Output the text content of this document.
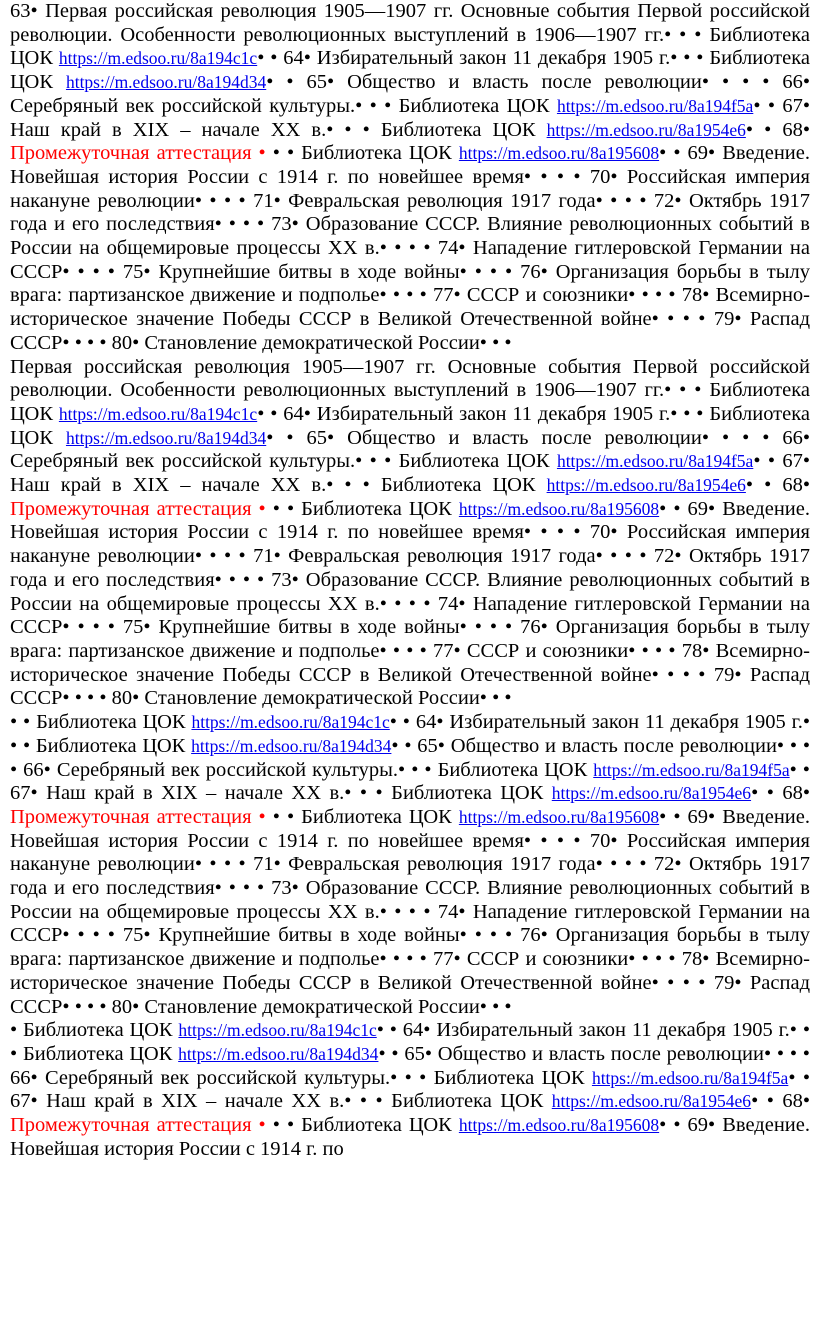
63• Первая российская революция 1905—1907 гг. Основные события Первой российской революции. Особенности революционных выступлений в 1906—1907 гг.• • • Библиотека ЦОК https://m.edsoo.ru/8a194c1c• • 64• Избирательный закон 11 декабря 1905 г.• • • Библиотека ЦОК https://m.edsoo.ru/8a194d34• • 65• Общество и власть после революции• • • • 66• Серебряный век российской культуры.• • • Библиотека ЦОК https://m.edsoo.ru/8a194f5a• • 67• Наш край в XIX – начале XX в.• • • Библиотека ЦОК https://m.edsoo.ru/8a1954e6• • 68• Промежуточная аттестация • • • Библиотека ЦОК https://m.edsoo.ru/8a195608• • 69• Введение. Новейшая история России с 1914 г. по новейшее время• • • • 70• Российская империя накануне революции• • • • 71• Февральская революция 1917 года• • • • 72• Октябрь 1917 года и его последствия• • • • 73• Образование СССР. Влияние революционных событий в России на общемировые процессы XX в.• • • • 74• Нападение гитлеровской Германии на СССР• • • • 75• Крупнейшие битвы в ходе войны• • • • 76• Организация борьбы в тылу врага: партизанское движение и подполье• • • • 77• СССР и союзники• • • • 78• Всемирно-историческое значение Победы СССР в Великой Отечественной войне• • • • 79• Распад СССР• • • • 80• Становление демократической России• • •

Первая российская революция 1905—1907 гг. Основные события Первой российской революции. Особенности революционных выступлений в 1906—1907 гг.• • • Библиотека ЦОК https://m.edsoo.ru/8a194c1c• • 64• Избирательный закон 11 декабря 1905 г.• • • Библиотека ЦОК https://m.edsoo.ru/8a194d34• • 65• Общество и власть после революции• • • • 66• Серебряный век российской культуры.• • • Библиотека ЦОК https://m.edsoo.ru/8a194f5a• • 67• Наш край в XIX – начале XX в.• • • Библиотека ЦОК https://m.edsoo.ru/8a1954e6• • 68• Промежуточная аттестация • • • Библиотека ЦОК https://m.edsoo.ru/8a195608• • 69• Введение. Новейшая история России с 1914 г. по новейшее время• • • • 70• Российская империя накануне революции• • • • 71• Февральская революция 1917 года• • • • 72• Октябрь 1917 года и его последствия• • • • 73• Образование СССР. Влияние революционных событий в России на общемировые процессы XX в.• • • • 74• Нападение гитлеровской Германии на СССР• • • • 75• Крупнейшие битвы в ходе войны• • • • 76• Организация борьбы в тылу врага: партизанское движение и подполье• • • • 77• СССР и союзники• • • • 78• Всемирно-историческое значение Победы СССР в Великой Отечественной войне• • • • 79• Распад СССР• • • • 80• Становление демократической России• • •

• • Библиотека ЦОК https://m.edsoo.ru/8a194c1c• • 64• Избирательный закон 11 декабря 1905 г.• • • Библиотека ЦОК https://m.edsoo.ru/8a194d34• • 65• Общество и власть после революции• • • • 66• Серебряный век российской культуры.• • • Библиотека ЦОК https://m.edsoo.ru/8a194f5a• • 67• Наш край в XIX – начале XX в.• • • Библиотека ЦОК https://m.edsoo.ru/8a1954e6• • 68• Промежуточная аттестация • • • Библиотека ЦОК https://m.edsoo.ru/8a195608• • 69• Введение. Новейшая история России с 1914 г. по новейшее время• • • • 70• Российская империя накануне революции• • • • 71• Февральская революция 1917 года• • • • 72• Октябрь 1917 года и его последствия• • • • 73• Образование СССР. Влияние революционных событий в России на общемировые процессы XX в.• • • • 74• Нападение гитлеровской Германии на СССР• • • • 75• Крупнейшие битвы в ходе войны• • • • 76• Организация борьбы в тылу врага: партизанское движение и подполье• • • • 77• СССР и союзники• • • • 78• Всемирно-историческое значение Победы СССР в Великой Отечественной войне• • • • 79• Распад СССР• • • • 80• Становление демократической России• • •

• Библиотека ЦОК https://m.edsoo.ru/8a194c1c• • 64• Избирательный закон 11 декабря 1905 г.• • • Библиотека ЦОК https://m.edsoo.ru/8a194d34• • 65• Общество и власть после революции• • • • 66• Серебряный век российской культуры.• • • Библиотека ЦОК https://m.edsoo.ru/8a194f5a• • 67• Наш край в XIX – начале XX в.• • • Библиотека ЦОК https://m.edsoo.ru/8a1954e6• • 68• Промежуточная аттестация • • • Библиотека ЦОК https://m.edsoo.ru/8a195608• • 69• Введение. Новейшая история России с 1914 г. по
